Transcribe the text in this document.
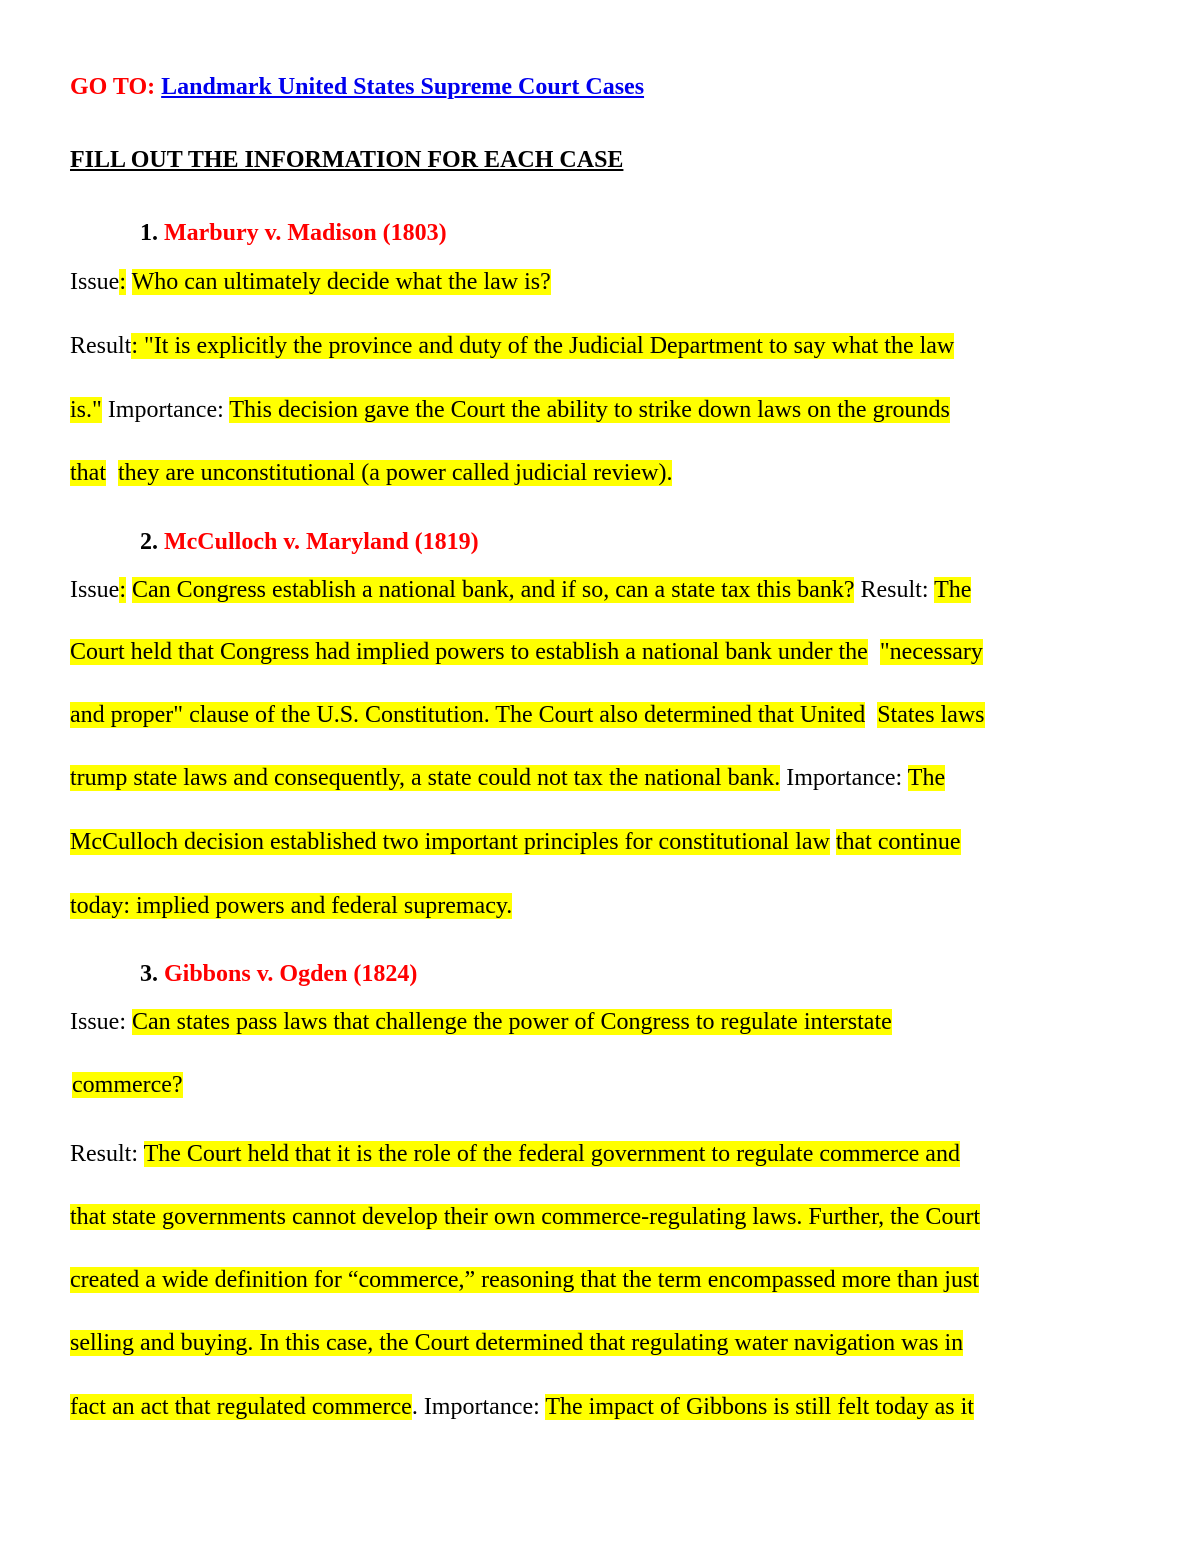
GO TO: Landmark United States Supreme Court Cases
FILL OUT THE INFORMATION FOR EACH CASE
1. Marbury v. Madison (1803)
Issue: Who can ultimately decide what the law is?
Result: "It is explicitly the province and duty of the Judicial Department to say what the law
is." Importance: This decision gave the Court the ability to strike down laws on the grounds
that they are unconstitutional (a power called judicial review).
2. McCulloch v. Maryland (1819)
Issue: Can Congress establish a national bank, and if so, can a state tax this bank? Result: The
Court held that Congress had implied powers to establish a national bank under the "necessary
and proper" clause of the U.S. Constitution. The Court also determined that United States laws
trump state laws and consequently, a state could not tax the national bank. Importance: The
McCulloch decision established two important principles for constitutional law that continue
today: implied powers and federal supremacy.
3. Gibbons v. Ogden (1824)
Issue: Can states pass laws that challenge the power of Congress to regulate interstate
commerce?
Result: The Court held that it is the role of the federal government to regulate commerce and
that state governments cannot develop their own commerce-regulating laws. Further, the Court
created a wide definition for “commerce,” reasoning that the term encompassed more than just
selling and buying. In this case, the Court determined that regulating water navigation was in
fact an act that regulated commerce. Importance: The impact of Gibbons is still felt today as it
